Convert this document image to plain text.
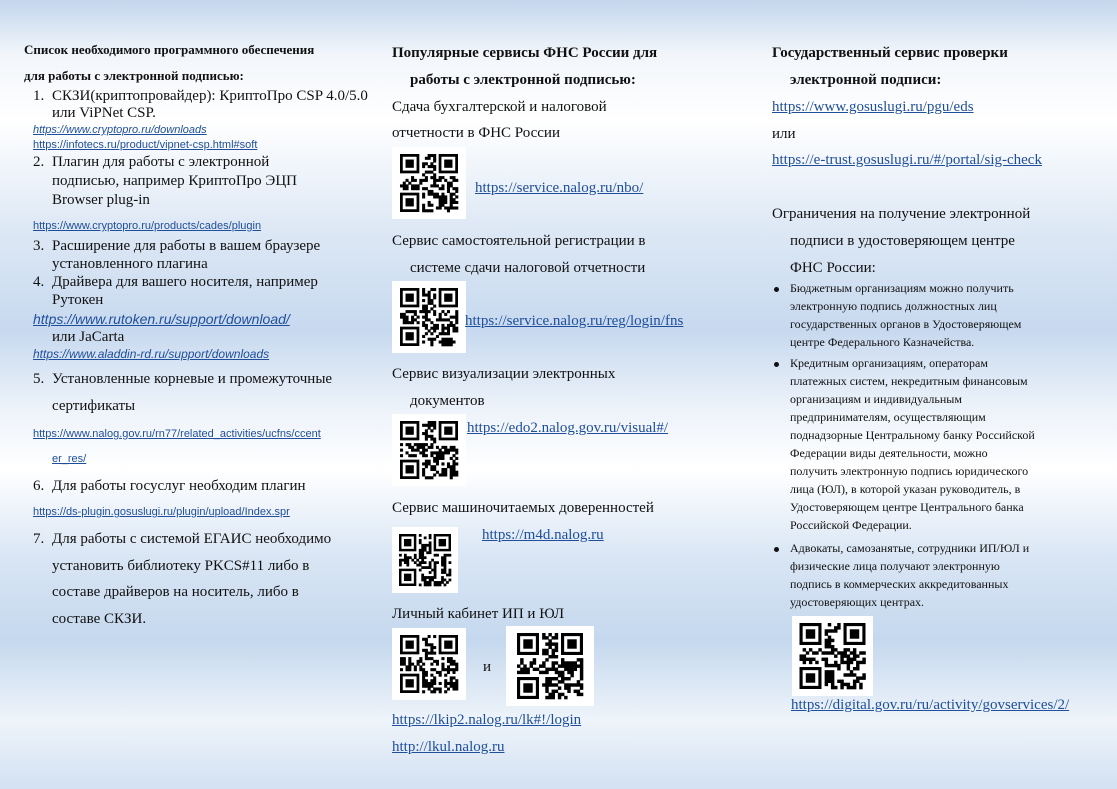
Список необходимого программного обеспечения
для работы с электронной подписью:
1. СКЗИ(криптопровайдер): КриптоПро CSP 4.0/5.0
или ViPNet CSP.
https://www.cryptopro.ru/downloads
https://infotecs.ru/product/vipnet-csp.html#soft
2. Плагин для работы с электронной
подписью, например КриптоПро ЭЦП
Browser plug-in
https://www.cryptopro.ru/products/cades/plugin
3. Расширение для работы в вашем браузере
установленного плагина
4. Драйвера для вашего носителя, например
Рутокен
https://www.rutoken.ru/support/download/
или JaCarta
https://www.aladdin-rd.ru/support/downloads
5. Установленные корневые и промежуточные
сертификаты
https://www.nalog.gov.ru/rn77/related_activities/ucfns/ccent
er_res/
6. Для работы госуслуг необходим плагин
https://ds-plugin.gosuslugi.ru/plugin/upload/Index.spr
7. Для работы с системой ЕГАИС необходимо
установить библиотеку PKCS#11 либо в
составе драйверов на носитель, либо в
составе СКЗИ.
Популярные сервисы ФНС России для
работы с электронной подписью:
Сдача бухгалтерской и налоговой
отчетности в ФНС России
https://service.nalog.ru/nbo/
Сервис самостоятельной регистрации в
системе сдачи налоговой отчетности
https://service.nalog.ru/reg/login/fns
Сервис визуализации электронных
документов
https://edo2.nalog.gov.ru/visual#/
Сервис машиночитаемых доверенностей
https://m4d.nalog.ru
Личный кабинет ИП и ЮЛ
и
https://lkip2.nalog.ru/lk#!/login
http://lkul.nalog.ru
Государственный сервис проверки
электронной подписи:
https://www.gosuslugi.ru/pgu/eds
или
https://e-trust.gosuslugi.ru/#/portal/sig-check
Ограничения на получение электронной
подписи в удостоверяющем центре
ФНС России:
Бюджетным организациям можно получить
электронную подпись должностных лиц
государственных органов в Удостоверяющем
центре Федерального Казначейства.
Кредитным организациям, операторам
платежных систем, некредитным финансовым
организациям и индивидуальным
предпринимателям, осуществляющим
поднадзорные Центральному банку Российской
Федерации виды деятельности, можно
получить электронную подпись юридического
лица (ЮЛ), в которой указан руководитель, в
Удостоверяющем центре Центрального банка
Российской Федерации.
Адвокаты, самозанятые, сотрудники ИП/ЮЛ и
физические лица получают электронную
подпись в коммерческих аккредитованных
удостоверяющих центрах.
https://digital.gov.ru/ru/activity/govservices/2/
